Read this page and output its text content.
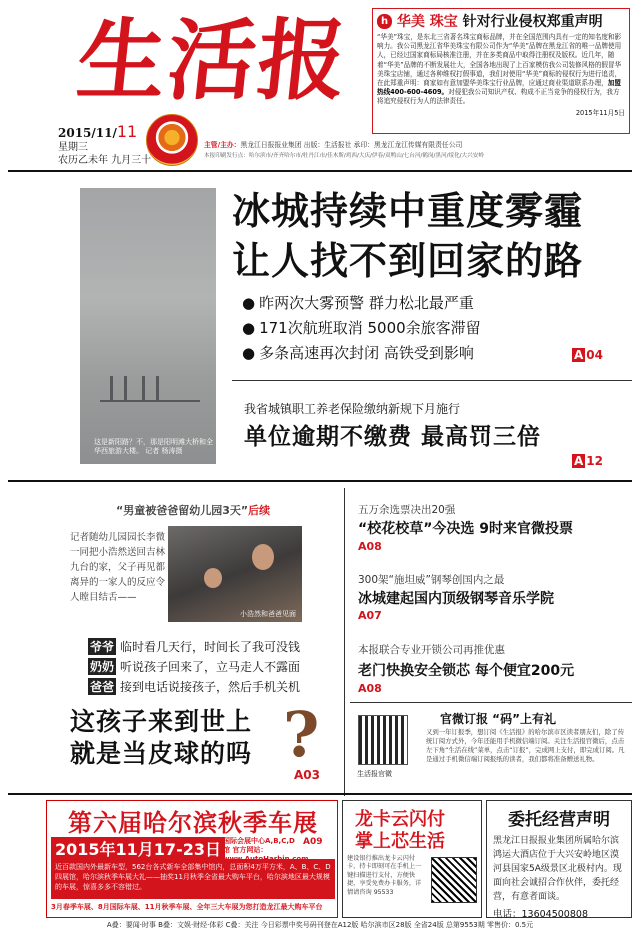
生活报
2015/11/11
星期三
农历乙未年 九月三十
主管/主办：黑龙江日报报业集团 出版：生活报社 承印：黑龙江龙江传媒有限责任公司
本报印刷发行点：哈尔滨市/齐齐哈尔市/牡丹江市/佳木斯/鸡西/大庆/伊春/双鸭山/七台河/鹤岗/黑河/绥化/大兴安岭
h 华美 珠宝 针对行业侵权郑重声明
“华美”珠宝，是东北三省著名珠宝商标品牌，并在全国范围内具有一定的知名度和影响力。我公司黑龙江省华美珠宝有限公司作为“华美”品牌在黑龙江省的唯一品牌使用人，已经过国家商标局核准注册，并在多类商品中取得注册权及版权。近几年，随着“华美”品牌的不断发展壮大，全国各地出现了上百家模仿我公司装修风格的假冒华美珠宝店铺，通过各种维权打假事道，我们对使用“华美”商标的侵权行为进行追责，在此郑重声明：商家如有意加盟华美珠宝行业品牌，应通过商业渠道联系办理，加盟热线400-600-4609。对侵犯我公司知识产权、构成不正当竞争的侵权行为，我方将追究侵权行为人的法律责任。
2015年11月5日
这是新阳路？不，那是阳明滩大桥和全华西旅游大楼。 记者 杨涛摄
冰城持续中重度雾霾
让人找不到回家的路
● 昨两次大雾预警 群力松北最严重
● 171次航班取消 5000余旅客滞留
● 多条高速再次封闭 高铁受到影响	A 04
我省城镇职工养老保险缴纳新规下月施行
单位逾期不缴费 最高罚三倍
A 12
“男童被爸爸留幼儿园3天”后续
记者随幼儿园园长李微一同把小浩然送回吉林九台的家，父子再见都离异的一家人的反应令人瞠目结舌——
小浩然和爸爸见面
爷爷 临时看几天行，时间长了我可没钱
奶奶 听说孩子回来了，立马走人不露面
爸爸 接到电话说接孩子，然后手机关机
这孩子来到世上
就是当皮球的吗 ?
A03
五万余选票决出20强
“校花校草”今决选 9时来官微投票
A08
300架“施坦威”钢琴创国内之最
冰城建起国内顶级钢琴音乐学院
A07
本报联合专业开锁公司再推优惠
老门快换安全锁芯 每个便宜200元
A08
官微订报 “码”上有礼
生活报官微
又到一年订报季，想订阅《生活报》的哈尔滨市区读者朋友们，除了传统订阅方式外，今年还能用手机微信端订阅。关注生活报官微后，点击左下角“生活在线”菜单，点击“订报”，完成网上支付，即完成订阅。凡是通过手机微信端订阅报纸的读者，我们都将准备赠送礼物。
第六届哈尔滨秋季车展
2015年11月17-23日 国际会展中心A,B,C,D馆 官方网站：
A09
近百款国内外最新车型，562台各式新车全部集中馆内，总面积4万平方米，A、B、C、D四展馆，哈尔滨秋季车展大礼——抽奖11月秋季全省最大购车平台，哈尔滨地区最大规模的车展，惊喜多多不容错过。
3月春季车展、8月国际车展、11月秋季车展、全年三大车展为您打造龙江最大购车平台
龙卡云闪付
掌上芯生活
建设银行推出龙卡云闪付卡，持卡即刻可在手机上一键扫描进行支付，方便快捷，享受免费办卡服务，详情请咨询 95533
委托经营声明
黑龙江日报报业集团所属哈尔滨鸿运大酒店位于大兴安岭地区漠河县国家5A级景区北极村内。现面向社会诚招合作伙伴，委托经营，有意者面谈。
电话：13604500808
A叠：要闻·时事 B叠：文娱·财经·体彩 C叠：关注 今日彩票中奖号码刊登在A12版 哈尔滨市区28版 全省24版 总第9553期 零售价：0.5元
